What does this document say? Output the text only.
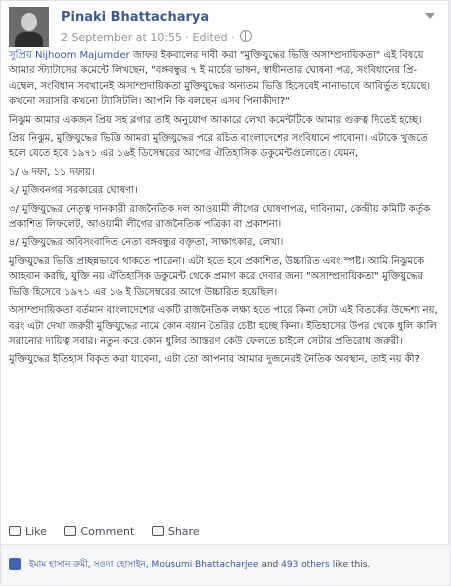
Pinaki Bhattacharya
2 September at 10:55 · Edited ·

সুপ্রিয় Nijhoom Majumder জাফর ইকবালের দাবী করা "মুক্তিযুদ্ধের ভিত্তি অসাম্প্রদায়িকতা" এই বিষয়ে আমার স্ট্যাটাসের কমেন্টে লিখছেন, "বঙ্গবন্ধুর ৭ ই মার্চের ভাষন, স্বাধীনতার ঘোষনা পত্র, সংবিধানের প্রি-এম্বেল, সংবিধান সবখানেই অসাম্প্রদায়িকতা মুক্তিযুদ্ধের অন্যতম ভিত্তি হিসেবেই নানাভাবে আবির্ভুত হয়েছে। কখনো সরাসরি কখনো ট্যাসিটলি। আপনি কি বলছেন এসব পিনাকীদা?"

নিঝুম আমার একজন প্রিয় সহ ব্লগার তাই অনুযোগ আকারে লেখা কমেন্টটিকে আমার গুরুত্ব দিতেই হচ্ছে।

প্রিয় নিঝুম, মুক্তিযুদ্ধের ভিত্তি আমরা মুক্তিযুদ্ধের পরে রচিত বাংলাদেশের সংবিধানে পাবোনা। এটাকে খুজতে হলে যেতে হবে ১৯৭১ এর ১৬ই ডিসেম্বরের আগের ঐতিহাসিক ডকুমেন্টগুলোতে। যেমন,

১/ ৬ দফা, ১১ দফায়।

২/ মুজিবনগর সরকারের ঘোষণা।

৩/ মুক্তিযুদ্ধের নেতৃত্ব দানকারী রাজনৈতিক দল আওয়ামী লীগের ঘোষণাপত্র, দাবিনামা, কেন্দ্রীয় কমিটি কর্তৃক প্রকাশিত লিফলেট, আওয়ামী লীগের রাজনৈতিক পত্রিকা বা প্রকাশনা।

৪/ মুক্তিযুদ্ধের অবিসংবাদিত নেতা বঙ্গবন্ধুর বক্তৃতা, সাক্ষাৎকার, লেখা।

মুক্তিযুদ্ধের ভিত্তি প্রচ্ছন্নভাবে থাকতে পারেনা। এটা হতে হবে প্রকাশিত, উচ্চারিত এবং স্পষ্ট। আমি নিঝুমকে আহবান করছি, যুক্তি নয় ঐতিহাসিক ডকুমেন্ট থেকে প্রমাণ করে দেবার জন্য "অসাম্প্রদায়িকতা" মুক্তিযুদ্ধের ভিত্তি হিসেবে ১৯৭১ এর ১৬ ই ডিসেম্বরের আগে উচ্চারিত হয়েছিল।

অসাম্প্রদায়িকতা বর্তমান বাংলাদেশের একটি রাজনৈতিক লক্ষ্য হতে পারে কিনা সেটা এই বিতর্কের উদ্দেশ্য নয়, বরং এটা দেখা জরুরী মুক্তিযুদ্ধের নামে কোন বয়ান তৈরির চেষ্টা হচ্ছে কিনা। ইতিহাসের উপর থেকে ধুলি কালি সরানোর দায়িত্ব সবার। নতুন করে কোন ধুলির আস্তরণ কেউ ফেলতে চাইলে সেটার প্রতিরোধ জরুরী।

মুক্তিযুদ্ধের ইতিহাস বিকৃত করা যাবেনা, এটা তো আপনার আমার দুজনেরই নৈতিক অবস্থান, তাই নয় কী?

Like	Comment	Share
ইমাম হাসান রুমী, সওদা হোসাইন, Mousumi Bhattacharjee and 493 others like this.
